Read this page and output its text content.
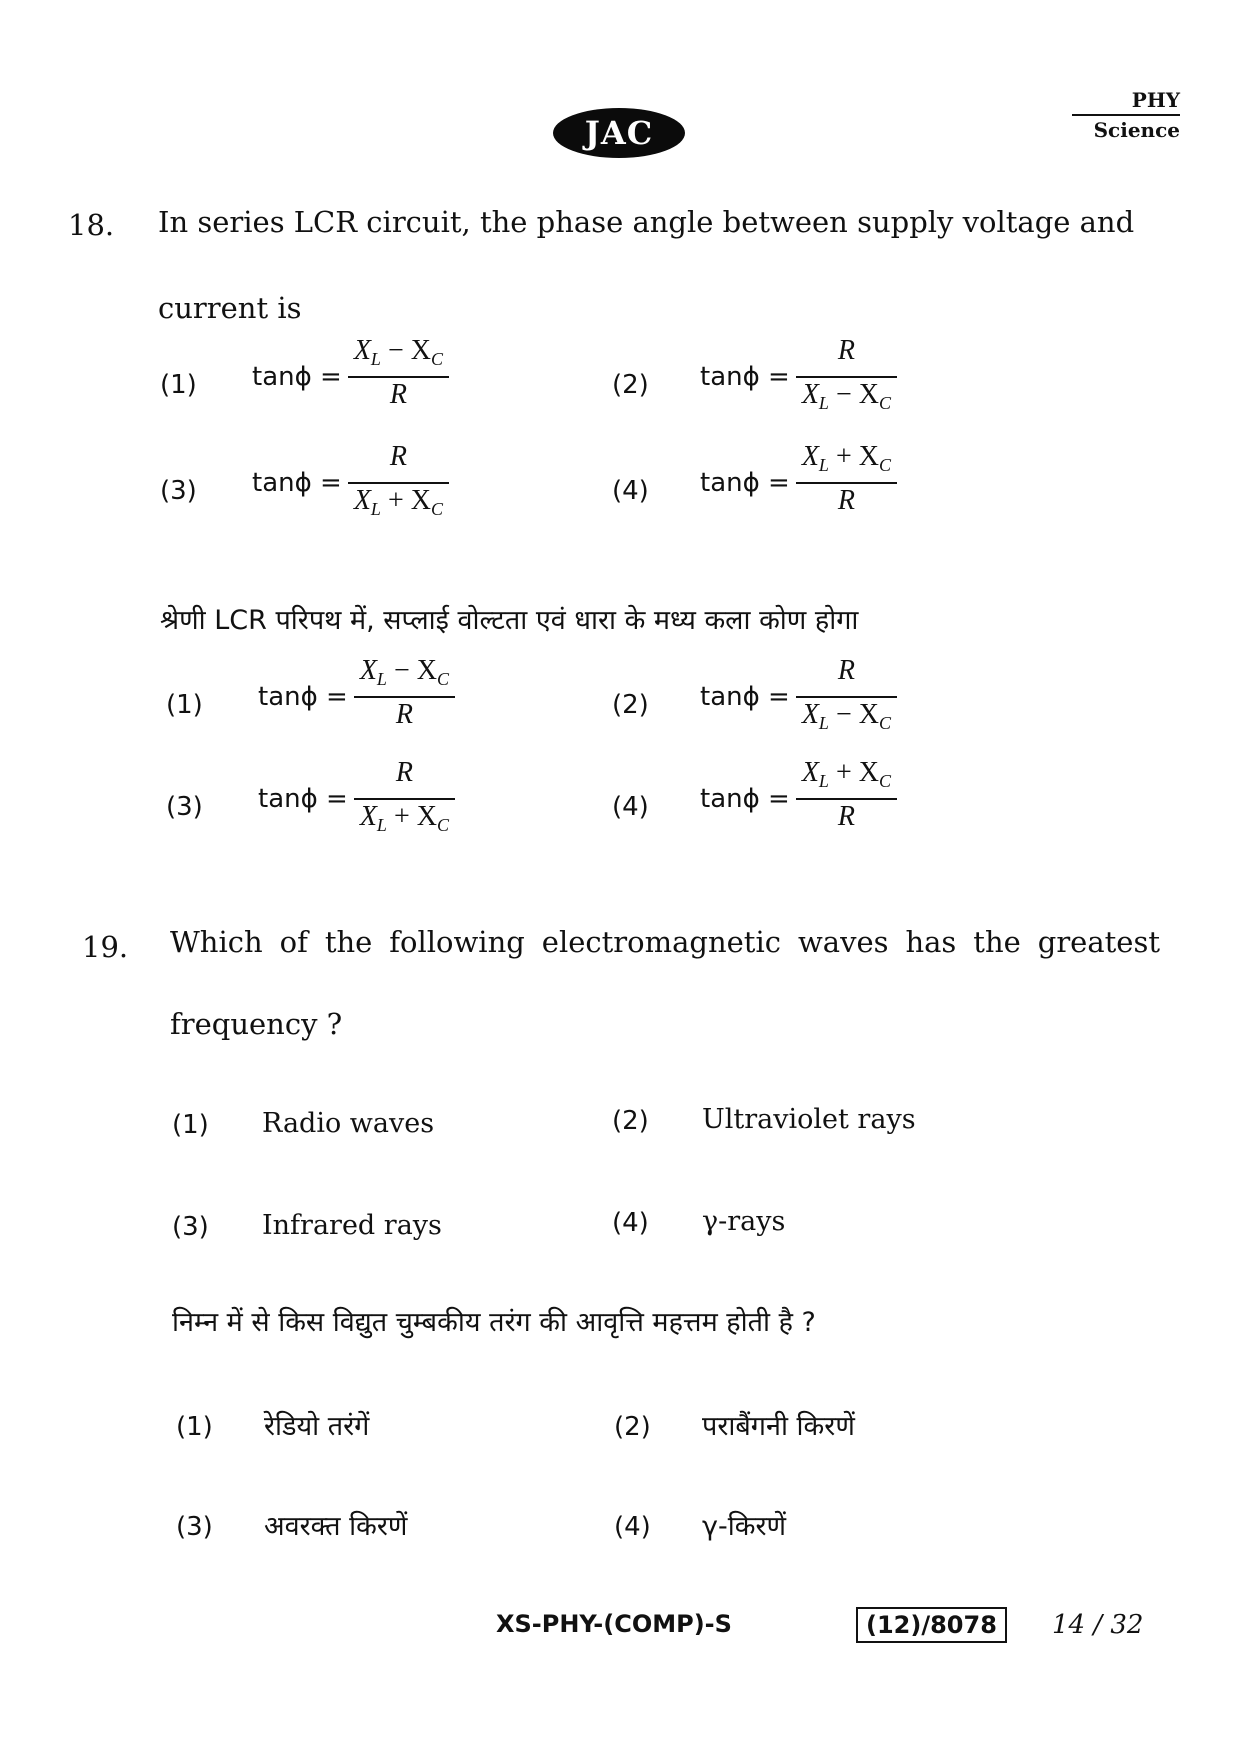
JAC
PHY
Science
18. In series LCR circuit, the phase angle between supply voltage and
current is
(1) $\tan\phi = \frac{X_L - X_C}{R}$	(2) $\tan\phi = \frac{R}{X_L - X_C}$
(3) $\tan\phi = \frac{R}{X_L + X_C}$	(4) $\tan\phi = \frac{X_L + X_C}{R}$
श्रेणी LCR परिपथ में, सप्लाई वोल्टता एवं धारा के मध्य कला कोण होगा
(1) $\tan\phi = \frac{X_L - X_C}{R}$	(2) $\tan\phi = \frac{R}{X_L - X_C}$
(3) $\tan\phi = \frac{R}{X_L + X_C}$	(4) $\tan\phi = \frac{X_L + X_C}{R}$
19. Which of the following electromagnetic waves has the greatest
frequency ?
(1) Radio waves	(2) Ultraviolet rays
(3) Infrared rays	(4) γ-rays
निम्न में से किस विद्युत चुम्बकीय तरंग की आवृत्ति महत्तम होती है ?
(1) रेडियो तरंगें	(2) पराबैंगनी किरणें
(3) अवरक्त किरणें	(4) γ-किरणें
XS-PHY-(COMP)-S	(12)/8078	14 / 32
